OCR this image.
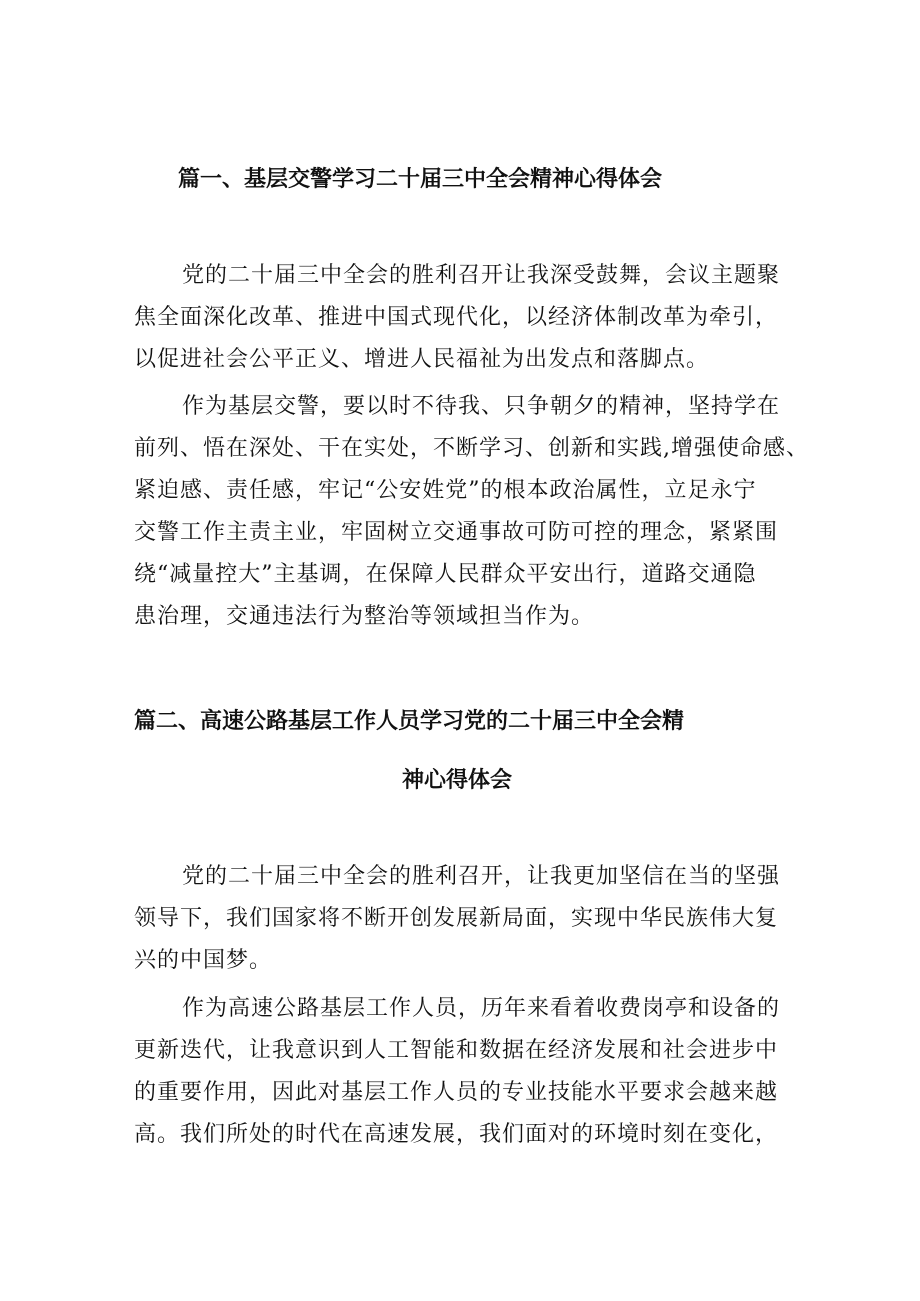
篇一、基层交警学习二十届三中全会精神心得体会
党的二十届三中全会的胜利召开让我深受鼓舞，会议主题聚
焦全面深化改革、推进中国式现代化，以经济体制改革为牵引，
以促进社会公平正义、增进人民福祉为出发点和落脚点。
作为基层交警，要以时不待我、只争朝夕的精神，坚持学在
前列、悟在深处、干在实处，不断学习、创新和实践,增强使命感、
紧迫感、责任感，牢记“公安姓党”的根本政治属性，立足永宁
交警工作主责主业，牢固树立交通事故可防可控的理念，紧紧围
绕“减量控大”主基调，在保障人民群众平安出行，道路交通隐
患治理，交通违法行为整治等领域担当作为。
篇二、高速公路基层工作人员学习党的二十届三中全会精
神心得体会
党的二十届三中全会的胜利召开，让我更加坚信在当的坚强
领导下，我们国家将不断开创发展新局面，实现中华民族伟大复
兴的中国梦。
作为高速公路基层工作人员，历年来看着收费岗亭和设备的
更新迭代，让我意识到人工智能和数据在经济发展和社会进步中
的重要作用，因此对基层工作人员的专业技能水平要求会越来越
高。我们所处的时代在高速发展，我们面对的环境时刻在变化，
